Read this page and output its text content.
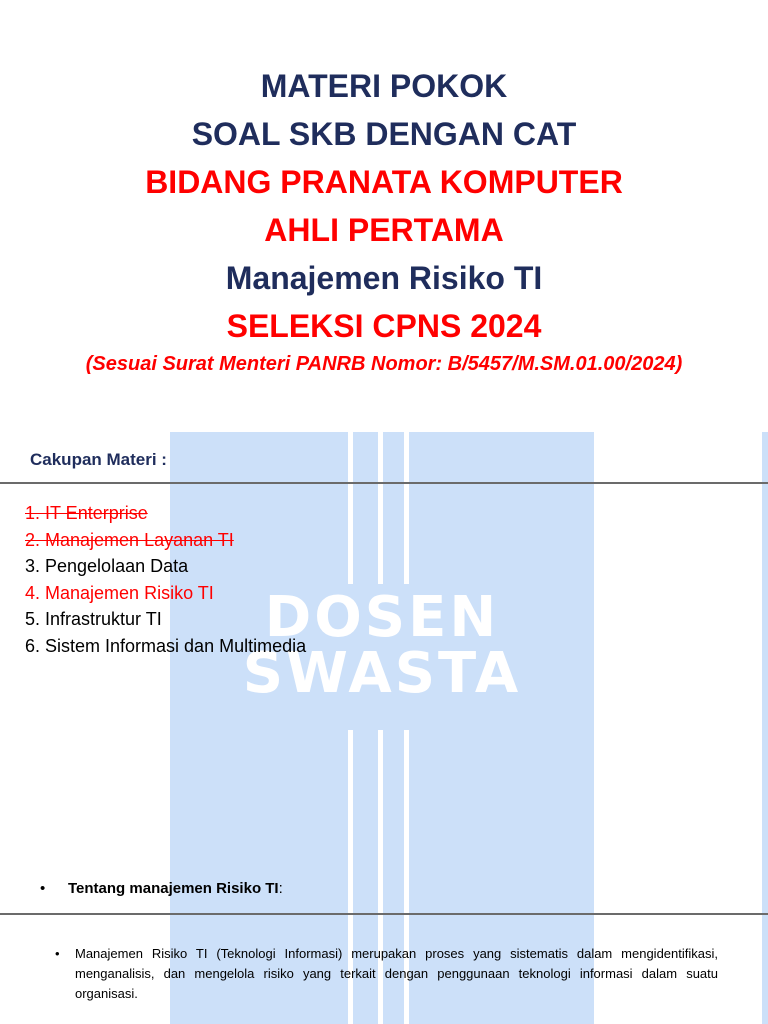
DOSEN
SWASTA
MATERI POKOK
SOAL SKB DENGAN CAT
BIDANG PRANATA KOMPUTER
AHLI PERTAMA
Manajemen Risiko TI
SELEKSI CPNS 2024
(Sesuai Surat Menteri PANRB Nomor: B/5457/M.SM.01.00/2024)
Cakupan Materi :
1. IT Enterprise
2. Manajemen Layanan TI
3. Pengelolaan Data
4. Manajemen Risiko TI
5. Infrastruktur TI
6. Sistem Informasi dan Multimedia
• Tentang manajemen Risiko TI:
• Manajemen Risiko TI (Teknologi Informasi) merupakan proses yang sistematis dalam mengidentifikasi, menganalisis, dan mengelola risiko yang terkait dengan penggunaan teknologi informasi dalam suatu organisasi.
